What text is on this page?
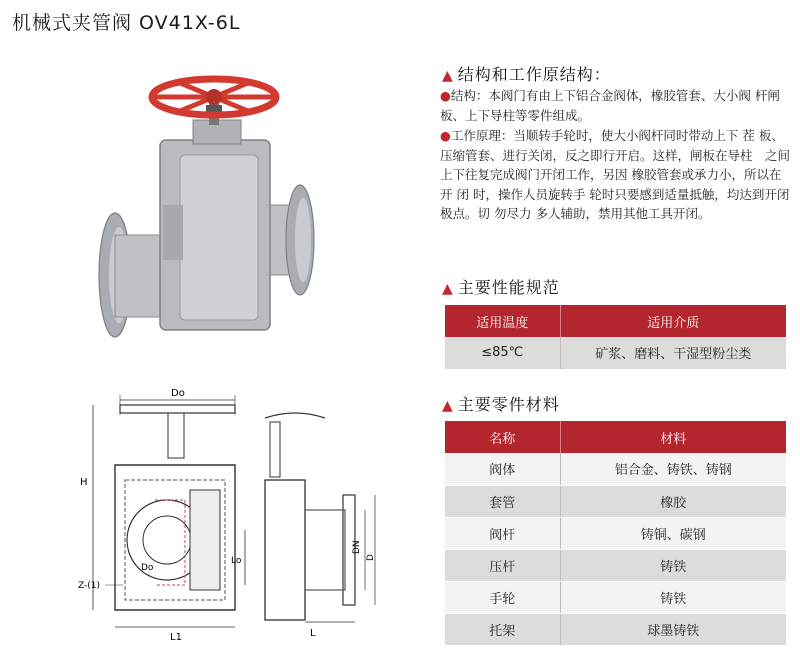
机械式夹管阀 OV41X-6L
Do
H
Lo
Do
Z-(1)
L1
DN
D
L
▲ 结构和工作原结构：
●结构：本阀门有由上下铝合金阀体，橡胶管套、大小阀 杆闸板、上下导柱等零件组成。
●工作原理：当顺转手轮时，使大小阀杆同时带动上下 茬 板、压缩管套、进行关闭，反之即行开启。这样，闸板在导柱　之间 上下往复完成阀门开闭工作，另因 橡胶管套或承力小，所以在开 闭 时，操作人员旋转手 轮时只要感到适量抵触，均达到开闭极点。切 勿尽力 多人辅助，禁用其他工具开闭。
▲ 主要性能规范
适用温度	适用介质
≤85℃	矿浆、磨料、干湿型粉尘类
▲ 主要零件材料
名称	材料
阀体	铝合金、铸铁、铸钢
套管	橡胶
阀杆	铸铜、碳钢
压杆	铸铁
手轮	铸铁
托架	球墨铸铁
